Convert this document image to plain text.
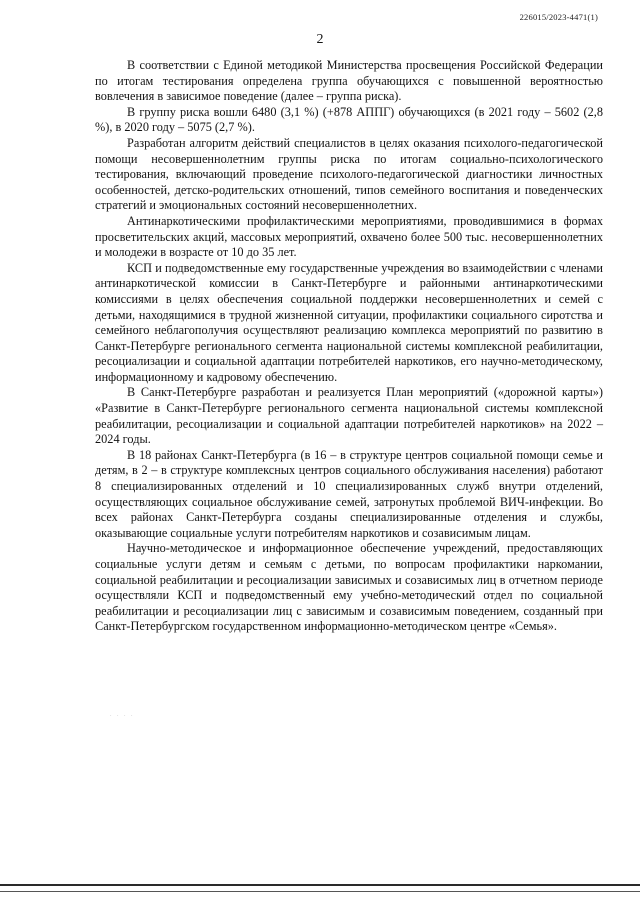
226015/2023-4471(1)
2

В соответствии с Единой методикой Министерства просвещения Российской Федерации по итогам тестирования определена группа обучающихся с повышенной вероятностью вовлечения в зависимое поведение (далее – группа риска).

В группу риска вошли 6480 (3,1 %) (+878 АППГ) обучающихся (в 2021 году – 5602 (2,8 %), в 2020 году – 5075 (2,7 %).

Разработан алгоритм действий специалистов в целях оказания психолого-педагогической помощи несовершеннолетним группы риска по итогам социально-психологического тестирования, включающий проведение психолого-педагогической диагностики личностных особенностей, детско-родительских отношений, типов семейного воспитания и поведенческих стратегий и эмоциональных состояний несовершеннолетних.

Антинаркотическими профилактическими мероприятиями, проводившимися в формах просветительских акций, массовых мероприятий, охвачено более 500 тыс. несовершеннолетних и молодежи в возрасте от 10 до 35 лет.

КСП и подведомственные ему государственные учреждения во взаимодействии с членами антинаркотической комиссии в Санкт-Петербурге и районными антинаркотическими комиссиями в целях обеспечения социальной поддержки несовершеннолетних и семей с детьми, находящимися в трудной жизненной ситуации, профилактики социального сиротства и семейного неблагополучия осуществляют реализацию комплекса мероприятий по развитию в Санкт-Петербурге регионального сегмента национальной системы комплексной реабилитации, ресоциализации и социальной адаптации потребителей наркотиков, его научно-методическому, информационному и кадровому обеспечению.

В Санкт-Петербурге разработан и реализуется План мероприятий («дорожной карты») «Развитие в Санкт-Петербурге регионального сегмента национальной системы комплексной реабилитации, ресоциализации и социальной адаптации потребителей наркотиков» на 2022 – 2024 годы.

В 18 районах Санкт-Петербурга (в 16 – в структуре центров социальной помощи семье и детям, в 2 – в структуре комплексных центров социального обслуживания населения) работают 8 специализированных отделений и 10 специализированных служб внутри отделений, осуществляющих социальное обслуживание семей, затронутых проблемой ВИЧ-инфекции. Во всех районах Санкт-Петербурга созданы специализированные отделения и службы, оказывающие социальные услуги потребителям наркотиков и созависимым лицам.

Научно-методическое и информационное обеспечение учреждений, предоставляющих социальные услуги детям и семьям с детьми, по вопросам профилактики наркомании, социальной реабилитации и ресоциализации зависимых и созависимых лиц в отчетном периоде осуществляли КСП и подведомственный ему учебно-методический отдел по социальной реабилитации и ресоциализации лиц с зависимым и созависимым поведением, созданный при Санкт-Петербургском государственном информационно-методическом центре «Семья».

. . . .
